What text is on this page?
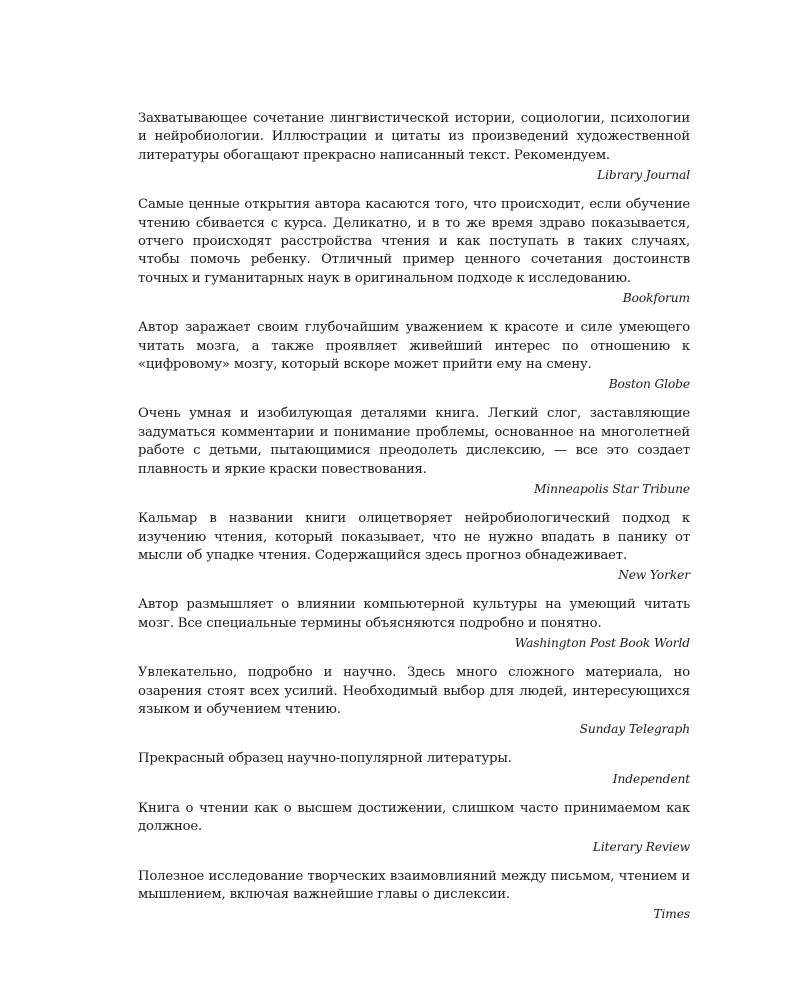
Захватывающее сочетание лингвистической истории, социологии, психологии и нейробиологии. Иллюстрации и цитаты из произведений художественной литературы обогащают прекрасно написанный текст. Рекомендуем.

Library Journal

Самые ценные открытия автора касаются того, что происходит, если обучение чтению сбивается с курса. Деликатно, и в то же время здраво показывается, отчего происходят расстройства чтения и как поступать в таких случаях, чтобы помочь ребенку. Отличный пример ценного сочетания достоинств точных и гуманитарных наук в оригинальном подходе к исследованию.

Bookforum

Автор заражает своим глубочайшим уважением к красоте и силе умеющего читать мозга, а также проявляет живейший интерес по отношению к «цифровому» мозгу, который вскоре может прийти ему на смену.

Boston Globe

Очень умная и изобилующая деталями книга. Легкий слог, заставляющие задуматься комментарии и понимание проблемы, основанное на многолетней работе с детьми, пытающимися преодолеть дислексию, — все это создает плавность и яркие краски повествования.

Minneapolis Star Tribune

Кальмар в названии книги олицетворяет нейробиологический подход к изучению чтения, который показывает, что не нужно впадать в панику от мысли об упадке чтения. Содержащийся здесь прогноз обнадеживает.

New Yorker

Автор размышляет о влиянии компьютерной культуры на умеющий читать мозг. Все специальные термины объясняются подробно и понятно.

Washington Post Book World

Увлекательно, подробно и научно. Здесь много сложного материала, но озарения стоят всех усилий. Необходимый выбор для людей, интересующихся языком и обучением чтению.

Sunday Telegraph

Прекрасный образец научно-популярной литературы.

Independent

Книга о чтении как о высшем достижении, слишком часто принимаемом как должное.

Literary Review

Полезное исследование творческих взаимовлияний между письмом, чтением и мышлением, включая важнейшие главы о дислексии.

Times
